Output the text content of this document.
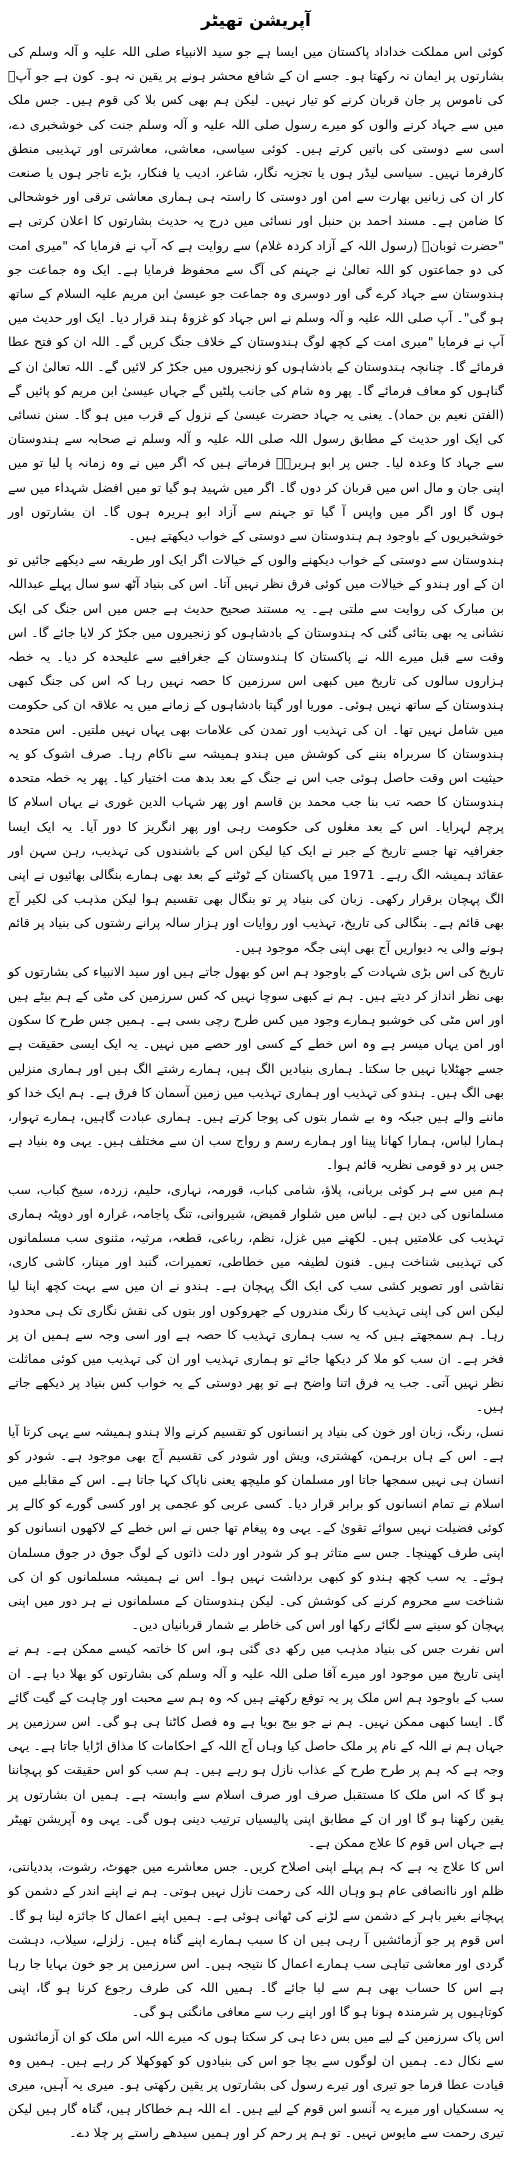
آپریشن تھیٹر

کوئی اس مملکت خداداد پاکستان میں ایسا ہے جو سید الانبیاء صلی اللہ علیہ و آلہ وسلم کی بشارتوں پر ایمان نہ رکھتا ہو۔ جسے ان کے شافع محشر ہونے پر یقین نہ ہو۔ کون ہے جو آپؐ کی ناموس پر جان قربان کرنے کو تیار نہیں۔ لیکن ہم بھی کس بلا کی قوم ہیں۔ جس ملک میں سے جہاد کرنے والوں کو میرے رسول صلی اللہ علیہ و آلہ وسلم جنت کی خوشخبری دے، اسی سے دوستی کی باتیں کرتے ہیں۔ کوئی سیاسی، معاشی، معاشرتی اور تہذیبی منطق کارفرما نہیں۔ سیاسی لیڈر ہوں یا تجزیہ نگار، شاعر، ادیب یا فنکار، بڑے تاجر ہوں یا صنعت کار ان کی زبانیں بھارت سے امن اور دوستی کا راستہ ہی ہماری معاشی ترقی اور خوشحالی کا ضامن ہے۔ مسند احمد بن حنبل اور نسائی میں درج یہ حدیث بشارتوں کا اعلان کرتی ہے "حضرت ثوبانؓ (رسول اللہ کے آزاد کردہ غلام) سے روایت ہے کہ آپ نے فرمایا کہ "میری امت کی دو جماعتوں کو اللہ تعالیٰ نے جہنم کی آگ سے محفوظ فرمایا ہے۔ ایک وہ جماعت جو ہندوستان سے جہاد کرے گی اور دوسری وہ جماعت جو عیسیٰ ابن مریم علیہ السلام کے ساتھ ہو گی"۔ آپ صلی اللہ علیہ و آلہ وسلم نے اس جہاد کو غزوۂ ہند قرار دیا۔ ایک اور حدیث میں آپ نے فرمایا "میری امت کے کچھ لوگ ہندوستان کے خلاف جنگ کریں گے۔ اللہ ان کو فتح عطا فرمائے گا۔ چنانچہ ہندوستان کے بادشاہوں کو زنجیروں میں جکڑ کر لائیں گے۔ اللہ تعالیٰ ان کے گناہوں کو معاف فرمائے گا۔ پھر وہ شام کی جانب پلٹیں گے جہاں عیسیٰ ابن مریم کو پائیں گے (الفتن نعیم بن حماد)۔ یعنی یہ جہاد حضرت عیسیٰ کے نزول کے قرب میں ہو گا۔ سنن نسائی کی ایک اور حدیث کے مطابق رسول اللہ صلی اللہ علیہ و آلہ وسلم نے صحابہ سے ہندوستان سے جہاد کا وعدہ لیا۔ جس پر ابو ہریرہؓ فرماتے ہیں کہ اگر میں نے وہ زمانہ پا لیا تو میں اپنی جان و مال اس میں قربان کر دوں گا۔ اگر میں شہید ہو گیا تو میں افضل شہداء میں سے ہوں گا اور اگر میں واپس آ گیا تو جہنم سے آزاد ابو ہریرہ ہوں گا۔ ان بشارتوں اور خوشخبریوں کے باوجود ہم ہندوستان سے دوستی کے خواب دیکھتے ہیں۔

ہندوستان سے دوستی کے خواب دیکھنے والوں کے خیالات اگر ایک اور طریقہ سے دیکھے جائیں تو ان کے اور ہندو کے خیالات میں کوئی فرق نظر نہیں آتا۔ اس کی بنیاد آٹھ سو سال پہلے عبداللہ بن مبارک کی روایت سے ملتی ہے۔ یہ مستند صحیح حدیث ہے جس میں اس جنگ کی ایک نشانی یہ بھی بتائی گئی کہ ہندوستان کے بادشاہوں کو زنجیروں میں جکڑ کر لایا جائے گا۔ اس وقت سے قبل میرے اللہ نے پاکستان کا ہندوستان کے جغرافیے سے علیحدہ کر دیا۔ یہ خطہ ہزاروں سالوں کی تاریخ میں کبھی اس سرزمین کا حصہ نہیں رہا کہ اس کی جنگ کبھی ہندوستان کے ساتھ نہیں ہوئی۔ موریا اور گپتا بادشاہوں کے زمانے میں یہ علاقہ ان کی حکومت میں شامل نہیں تھا۔ ان کی تہذیب اور تمدن کی علامات بھی یہاں نہیں ملتیں۔ اس متحدہ ہندوستان کا سربراہ بننے کی کوشش میں ہندو ہمیشہ سے ناکام رہا۔ صرف اشوک کو یہ حیثیت اس وقت حاصل ہوئی جب اس نے جنگ کے بعد بدھ مت اختیار کیا۔ پھر یہ خطہ متحدہ ہندوستان کا حصہ تب بنا جب محمد بن قاسم اور پھر شہاب الدین غوری نے یہاں اسلام کا پرچم لہرایا۔ اس کے بعد مغلوں کی حکومت رہی اور پھر انگریز کا دور آیا۔ یہ ایک ایسا جغرافیہ تھا جسے تاریخ کے جبر نے ایک کیا لیکن اس کے باشندوں کی تہذیب، رہن سہن اور عقائد ہمیشہ الگ رہے۔ 1971 میں پاکستان کے ٹوٹنے کے بعد بھی ہمارے بنگالی بھائیوں نے اپنی الگ پہچان برقرار رکھی۔ زبان کی بنیاد پر تو بنگال بھی تقسیم ہوا لیکن مذہب کی لکیر آج بھی قائم ہے۔ بنگالی کی تاریخ، تہذیب اور روایات اور ہزار سالہ پرانے رشتوں کی بنیاد پر قائم ہونے والی یہ دیواریں آج بھی اپنی جگہ موجود ہیں۔

تاریخ کی اس بڑی شہادت کے باوجود ہم اس کو بھول جاتے ہیں اور سید الانبیاء کی بشارتوں کو بھی نظر انداز کر دیتے ہیں۔ ہم نے کبھی سوچا نہیں کہ کس سرزمین کی مٹی کے ہم بیٹے ہیں اور اس مٹی کی خوشبو ہمارے وجود میں کس طرح رچی بسی ہے۔ ہمیں جس طرح کا سکون اور امن یہاں میسر ہے وہ اس خطے کے کسی اور حصے میں نہیں۔ یہ ایک ایسی حقیقت ہے جسے جھٹلایا نہیں جا سکتا۔ ہماری بنیادیں الگ ہیں، ہمارے رشتے الگ ہیں اور ہماری منزلیں بھی الگ ہیں۔ ہندو کی تہذیب اور ہماری تہذیب میں زمین آسمان کا فرق ہے۔ ہم ایک خدا کو ماننے والے ہیں جبکہ وہ بے شمار بتوں کی پوجا کرتے ہیں۔ ہماری عبادت گاہیں، ہمارے تہوار، ہمارا لباس، ہمارا کھانا پینا اور ہمارے رسم و رواج سب ان سے مختلف ہیں۔ یہی وہ بنیاد ہے جس پر دو قومی نظریہ قائم ہوا۔

ہم میں سے ہر کوئی بریانی، پلاؤ، شامی کباب، قورمہ، نہاری، حلیم، زردہ، سیخ کباب، سب مسلمانوں کی دین ہے۔ لباس میں شلوار قمیض، شیروانی، تنگ پاجامہ، غرارہ اور دوپٹہ ہماری تہذیب کی علامتیں ہیں۔ لکھنے میں غزل، نظم، رباعی، قطعہ، مرثیہ، مثنوی سب مسلمانوں کی تہذیبی شناخت ہیں۔ فنون لطیفہ میں خطاطی، تعمیرات، گنبد اور مینار، کاشی کاری، نقاشی اور تصویر کشی سب کی ایک الگ پہچان ہے۔ ہندو نے ان میں سے بہت کچھ اپنا لیا لیکن اس کی اپنی تہذیب کا رنگ مندروں کے جھروکوں اور بتوں کی نقش نگاری تک ہی محدود رہا۔ ہم سمجھتے ہیں کہ یہ سب ہماری تہذیب کا حصہ ہے اور اسی وجہ سے ہمیں ان پر فخر ہے۔ ان سب کو ملا کر دیکھا جائے تو ہماری تہذیب اور ان کی تہذیب میں کوئی مماثلت نظر نہیں آتی۔ جب یہ فرق اتنا واضح ہے تو پھر دوستی کے یہ خواب کس بنیاد پر دیکھے جاتے ہیں۔

نسل، رنگ، زبان اور خون کی بنیاد پر انسانوں کو تقسیم کرنے والا ہندو ہمیشہ سے یہی کرتا آیا ہے۔ اس کے ہاں برہمن، کھشتری، ویش اور شودر کی تقسیم آج بھی موجود ہے۔ شودر کو انسان ہی نہیں سمجھا جاتا اور مسلمان کو ملیچھ یعنی ناپاک کہا جاتا ہے۔ اس کے مقابلے میں اسلام نے تمام انسانوں کو برابر قرار دیا۔ کسی عربی کو عجمی پر اور کسی گورے کو کالے پر کوئی فضیلت نہیں سوائے تقویٰ کے۔ یہی وہ پیغام تھا جس نے اس خطے کے لاکھوں انسانوں کو اپنی طرف کھینچا۔ جس سے متاثر ہو کر شودر اور دلت ذاتوں کے لوگ جوق در جوق مسلمان ہوئے۔ یہ سب کچھ ہندو کو کبھی برداشت نہیں ہوا۔ اس نے ہمیشہ مسلمانوں کو ان کی شناخت سے محروم کرنے کی کوشش کی۔ لیکن ہندوستان کے مسلمانوں نے ہر دور میں اپنی پہچان کو سینے سے لگائے رکھا اور اس کی خاطر بے شمار قربانیاں دیں۔

اس نفرت جس کی بنیاد مذہب میں رکھ دی گئی ہو، اس کا خاتمہ کیسے ممکن ہے۔ ہم نے اپنی تاریخ میں موجود اور میرے آقا صلی اللہ علیہ و آلہ وسلم کی بشارتوں کو بھلا دیا ہے۔ ان سب کے باوجود ہم اس ملک پر یہ توقع رکھتے ہیں کہ وہ ہم سے محبت اور چاہت کے گیت گائے گا۔ ایسا کبھی ممکن نہیں۔ ہم نے جو بیج بویا ہے وہ فصل کاٹنا ہی ہو گی۔ اس سرزمین پر جہاں ہم نے اللہ کے نام پر ملک حاصل کیا وہاں آج اللہ کے احکامات کا مذاق اڑایا جاتا ہے۔ یہی وجہ ہے کہ ہم پر طرح طرح کے عذاب نازل ہو رہے ہیں۔ ہم سب کو اس حقیقت کو پہچاننا ہو گا کہ اس ملک کا مستقبل صرف اور صرف اسلام سے وابستہ ہے۔ ہمیں ان بشارتوں پر یقین رکھنا ہو گا اور ان کے مطابق اپنی پالیسیاں ترتیب دینی ہوں گی۔ یہی وہ آپریشن تھیٹر ہے جہاں اس قوم کا علاج ممکن ہے۔

اس کا علاج یہ ہے کہ ہم پہلے اپنی اصلاح کریں۔ جس معاشرے میں جھوٹ، رشوت، بددیانتی، ظلم اور ناانصافی عام ہو وہاں اللہ کی رحمت نازل نہیں ہوتی۔ ہم نے اپنے اندر کے دشمن کو پہچانے بغیر باہر کے دشمن سے لڑنے کی ٹھانی ہوئی ہے۔ ہمیں اپنے اعمال کا جائزہ لینا ہو گا۔ اس قوم پر جو آزمائشیں آ رہی ہیں ان کا سبب ہمارے اپنے گناہ ہیں۔ زلزلے، سیلاب، دہشت گردی اور معاشی تباہی سب ہمارے اعمال کا نتیجہ ہیں۔ اس سرزمین پر جو خون بہایا جا رہا ہے اس کا حساب بھی ہم سے لیا جائے گا۔ ہمیں اللہ کی طرف رجوع کرنا ہو گا، اپنی کوتاہیوں پر شرمندہ ہونا ہو گا اور اپنے رب سے معافی مانگنی ہو گی۔

اس پاک سرزمین کے لیے میں بس دعا ہی کر سکتا ہوں کہ میرے اللہ اس ملک کو ان آزمائشوں سے نکال دے۔ ہمیں ان لوگوں سے بچا جو اس کی بنیادوں کو کھوکھلا کر رہے ہیں۔ ہمیں وہ قیادت عطا فرما جو تیری اور تیرے رسول کی بشارتوں پر یقین رکھتی ہو۔ میری یہ آہیں، میری یہ سسکیاں اور میرے یہ آنسو اس قوم کے لیے ہیں۔ اے اللہ ہم خطاکار ہیں، گناہ گار ہیں لیکن تیری رحمت سے مایوس نہیں۔ تو ہم پر رحم کر اور ہمیں سیدھے راستے پر چلا دے۔
